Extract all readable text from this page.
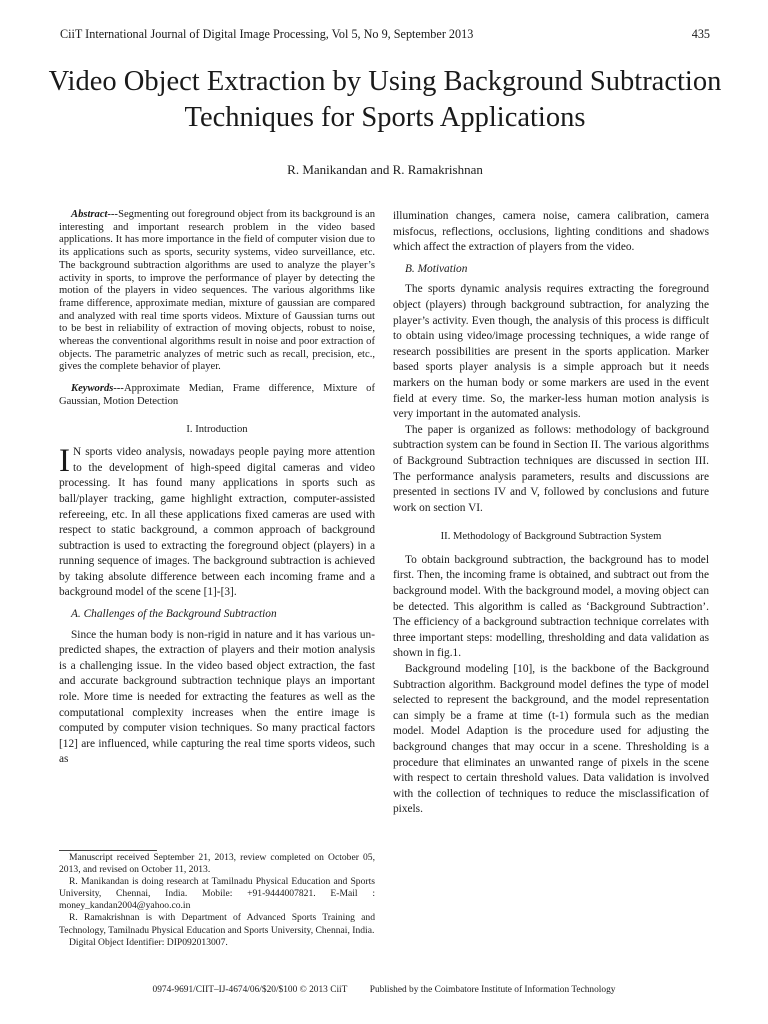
CiiT International Journal of Digital Image Processing, Vol 5, No 9, September 2013	435
Video Object Extraction by Using Background Subtraction Techniques for Sports Applications
R. Manikandan and R. Ramakrishnan

Abstract---Segmenting out foreground object from its background is an interesting and important research problem in the video based applications. It has more importance in the field of computer vision due to its applications such as sports, security systems, video surveillance, etc. The background subtraction algorithms are used to analyze the player’s activity in sports, to improve the performance of player by detecting the motion of the players in video sequences. The various algorithms like frame difference, approximate median, mixture of gaussian are compared and analyzed with real time sports videos. Mixture of Gaussian turns out to be best in reliability of extraction of moving objects, robust to noise, whereas the conventional algorithms result in noise and poor extraction of objects. The parametric analyzes of metric such as recall, precision, etc., gives the complete behavior of player.

Keywords---Approximate Median, Frame difference, Mixture of Gaussian, Motion Detection

I. Introduction

I N sports video analysis, nowadays people paying more attention to the development of high-speed digital cameras and video processing. It has found many applications in sports such as ball/player tracking, game highlight extraction, computer-assisted refereeing, etc. In all these applications fixed cameras are used with respect to static background, a common approach of background subtraction is used to extracting the foreground object (players) in a running sequence of images. The background subtraction is achieved by taking absolute difference between each incoming frame and a background model of the scene [1]-[3].

A. Challenges of the Background Subtraction

Since the human body is non-rigid in nature and it has various un-predicted shapes, the extraction of players and their motion analysis is a challenging issue. In the video based object extraction, the fast and accurate background subtraction technique plays an important role. More time is needed for extracting the features as well as the computational complexity increases when the entire image is computed by computer vision techniques. So many practical factors [12] are influenced, while capturing the real time sports videos, such as

illumination changes, camera noise, camera calibration, camera misfocus, reflections, occlusions, lighting conditions and shadows which affect the extraction of players from the video.

B. Motivation

The sports dynamic analysis requires extracting the foreground object (players) through background subtraction, for analyzing the player’s activity. Even though, the analysis of this process is difficult to obtain using video/image processing techniques, a wide range of research possibilities are present in the sports application. Marker based sports player analysis is a simple approach but it needs markers on the human body or some markers are used in the event field at every time. So, the marker-less human motion analysis is very important in the automated analysis.

The paper is organized as follows: methodology of background subtraction system can be found in Section II. The various algorithms of Background Subtraction techniques are discussed in section III. The performance analysis parameters, results and discussions are presented in sections IV and V, followed by conclusions and future work on section VI.

II. Methodology of Background Subtraction System

To obtain background subtraction, the background has to model first. Then, the incoming frame is obtained, and subtract out from the background model. With the background model, a moving object can be detected. This algorithm is called as ‘Background Subtraction’. The efficiency of a background subtraction technique correlates with three important steps: modelling, thresholding and data validation as shown in fig.1.

Background modeling [10], is the backbone of the Background Subtraction algorithm. Background model defines the type of model selected to represent the background, and the model representation can simply be a frame at time (t-1) formula such as the median model. Model Adaption is the procedure used for adjusting the background changes that may occur in a scene. Thresholding is a procedure that eliminates an unwanted range of pixels in the scene with respect to certain threshold values. Data validation is involved with the collection of techniques to reduce the misclassification of pixels.

Manuscript received September 21, 2013, review completed on October 05, 2013, and revised on October 11, 2013.

R. Manikandan is doing research at Tamilnadu Physical Education and Sports University, Chennai, India. Mobile: +91-9444007821. E-Mail : money_kandan2004@yahoo.co.in

R. Ramakrishnan is with Department of Advanced Sports Training and Technology, Tamilnadu Physical Education and Sports University, Chennai, India.

Digital Object Identifier: DIP092013007.

0974-9691/CIIT–IJ-4674/06/$20/$100 © 2013 CiiT Published by the Coimbatore Institute of Information Technology
